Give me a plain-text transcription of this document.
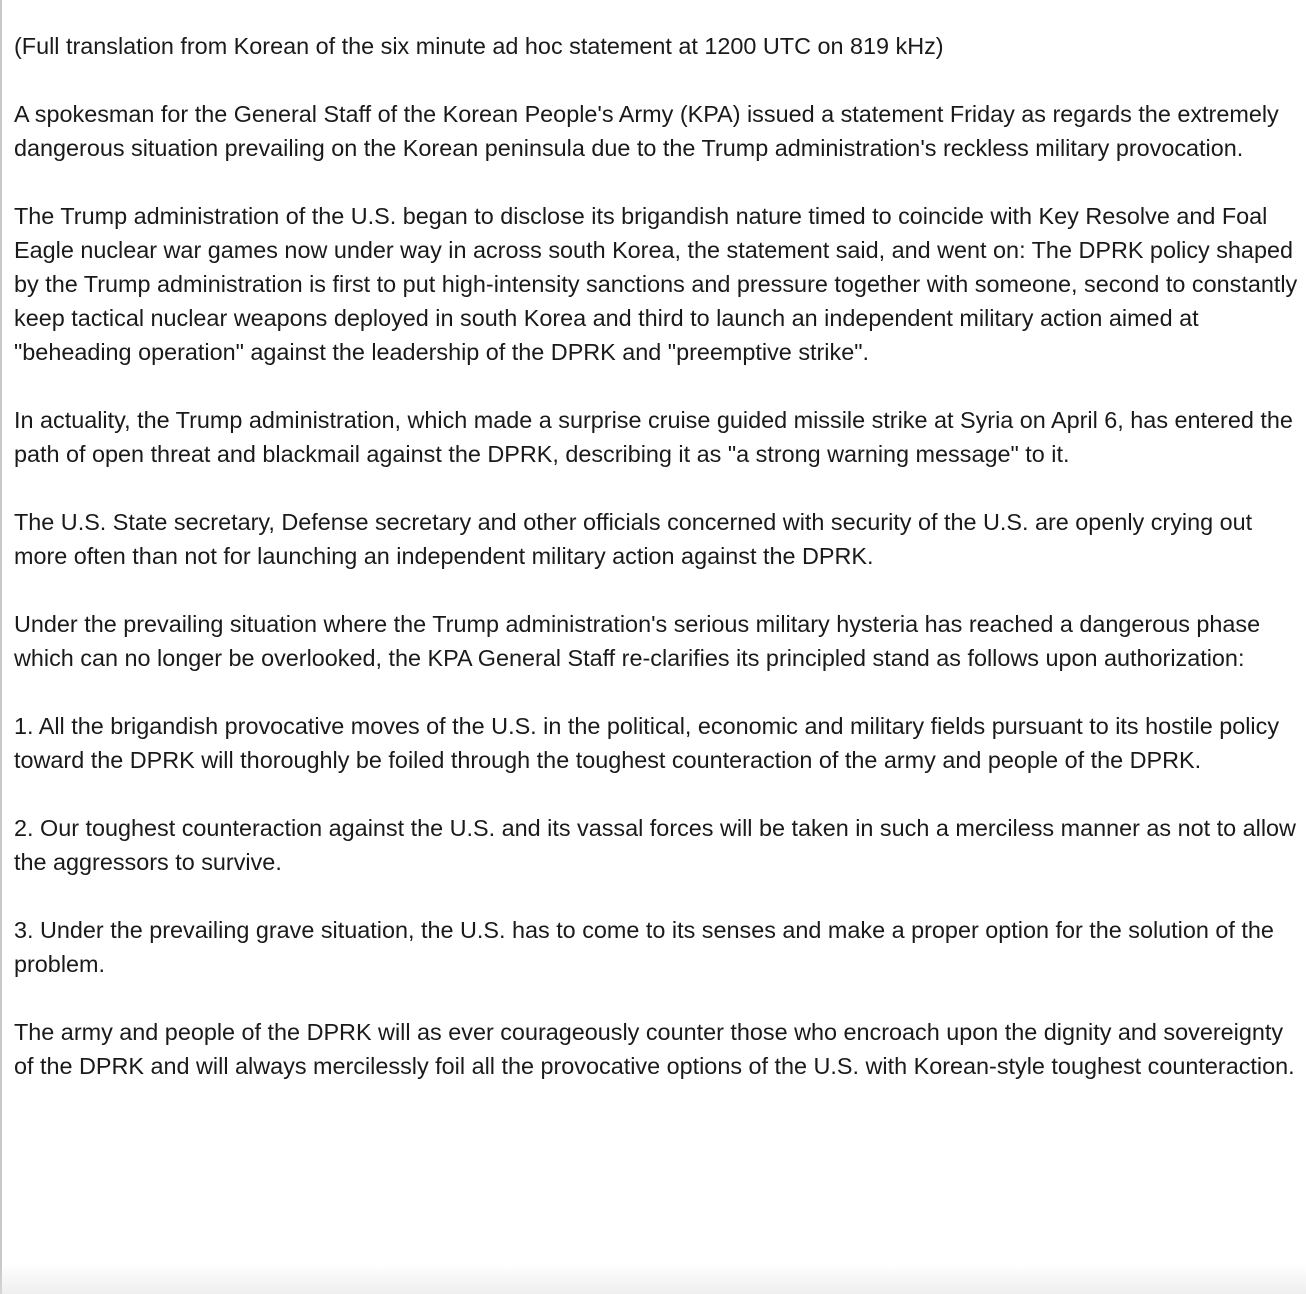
(Full translation from Korean of the six minute ad hoc statement at 1200 UTC on 819 kHz)

A spokesman for the General Staff of the Korean People's Army (KPA) issued a statement Friday as regards the extremely dangerous situation prevailing on the Korean peninsula due to the Trump administration's reckless military provocation.

The Trump administration of the U.S. began to disclose its brigandish nature timed to coincide with Key Resolve and Foal Eagle nuclear war games now under way in across south Korea, the statement said, and went on: The DPRK policy shaped by the Trump administration is first to put high-intensity sanctions and pressure together with someone, second to constantly keep tactical nuclear weapons deployed in south Korea and third to launch an independent military action aimed at "beheading operation" against the leadership of the DPRK and "preemptive strike".

In actuality, the Trump administration, which made a surprise cruise guided missile strike at Syria on April 6, has entered the path of open threat and blackmail against the DPRK, describing it as "a strong warning message" to it.

The U.S. State secretary, Defense secretary and other officials concerned with security of the U.S. are openly crying out more often than not for launching an independent military action against the DPRK.

Under the prevailing situation where the Trump administration's serious military hysteria has reached a dangerous phase which can no longer be overlooked, the KPA General Staff re-clarifies its principled stand as follows upon authorization:

1. All the brigandish provocative moves of the U.S. in the political, economic and military fields pursuant to its hostile policy toward the DPRK will thoroughly be foiled through the toughest counteraction of the army and people of the DPRK.

2. Our toughest counteraction against the U.S. and its vassal forces will be taken in such a merciless manner as not to allow the aggressors to survive.

3. Under the prevailing grave situation, the U.S. has to come to its senses and make a proper option for the solution of the problem.

The army and people of the DPRK will as ever courageously counter those who encroach upon the dignity and sovereignty of the DPRK and will always mercilessly foil all the provocative options of the U.S. with Korean-style toughest counteraction.
